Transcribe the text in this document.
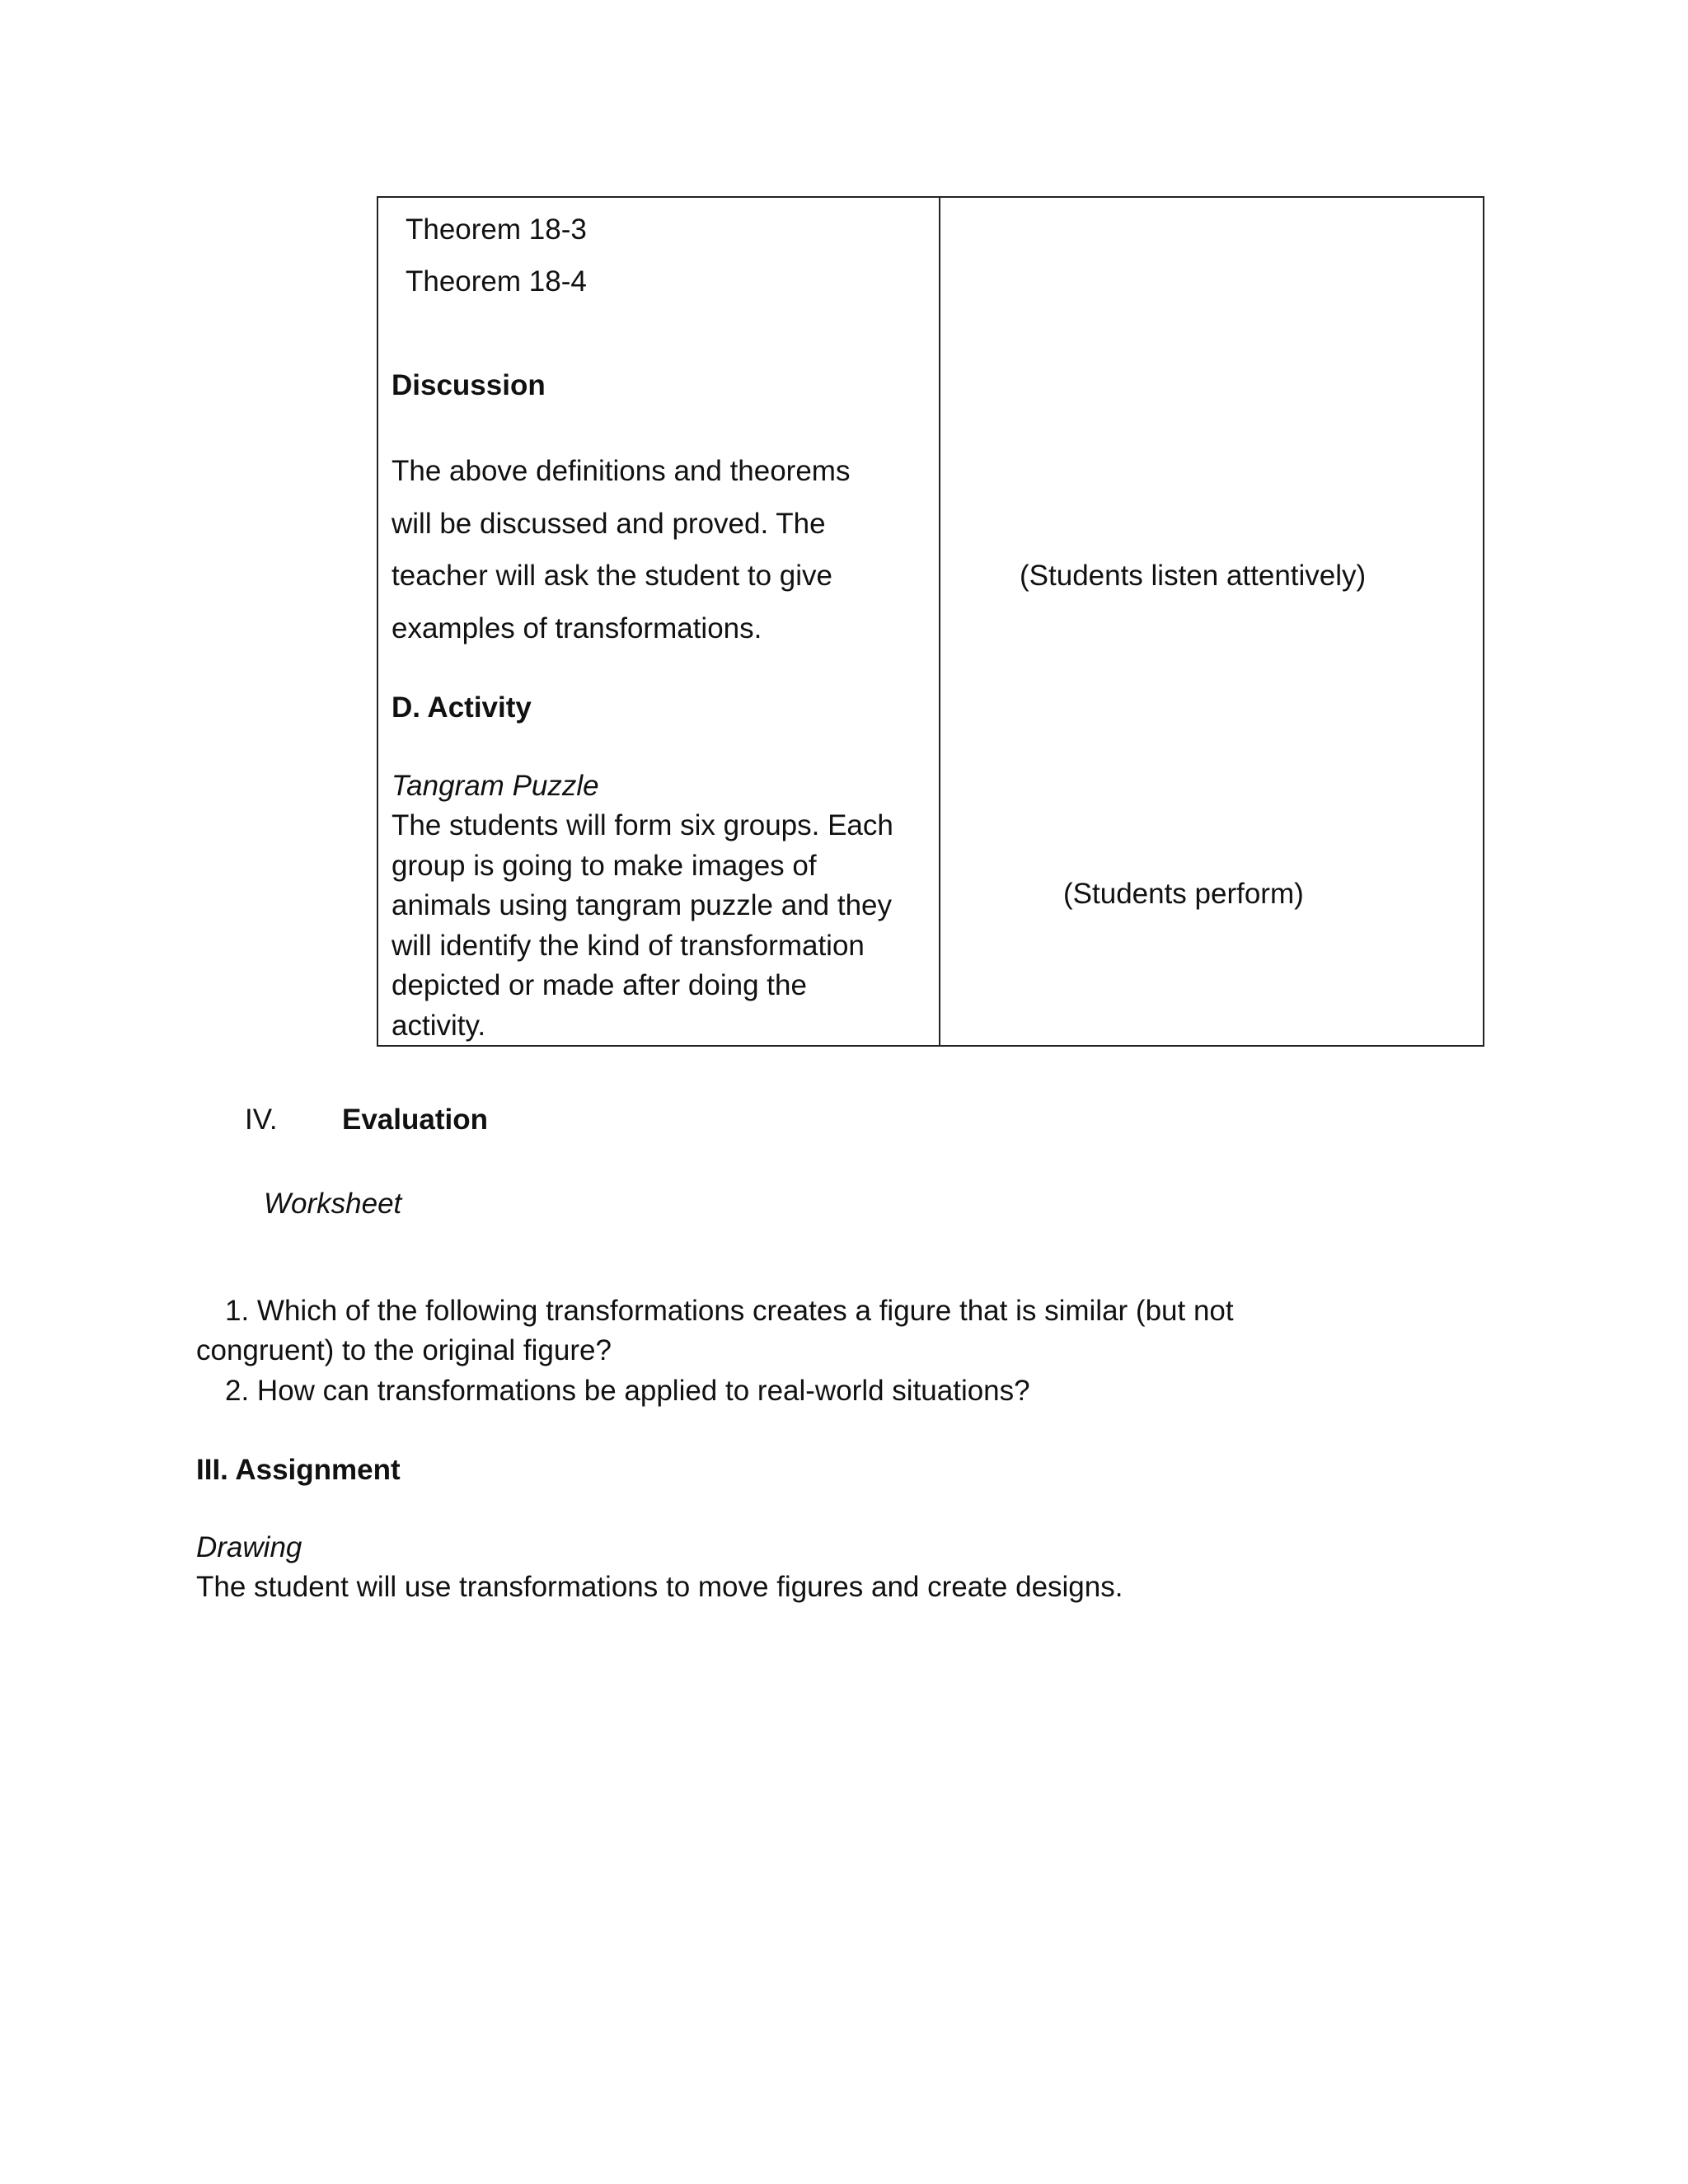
Theorem 18-3
Theorem 18-4
Discussion
The above definitions and theorems
will be discussed and proved. The
teacher will ask the student to give
examples of transformations.
D. Activity
Tangram Puzzle
The students will form six groups. Each
group is going to make images of
animals using tangram puzzle and they
will identify the kind of transformation
depicted or made after doing the
activity.
(Students listen attentively)
(Students perform)
IV. Evaluation
Worksheet
1. Which of the following transformations creates a figure that is similar (but not
congruent) to the original figure?
2. How can transformations be applied to real-world situations?
III. Assignment
Drawing
The student will use transformations to move figures and create designs.
